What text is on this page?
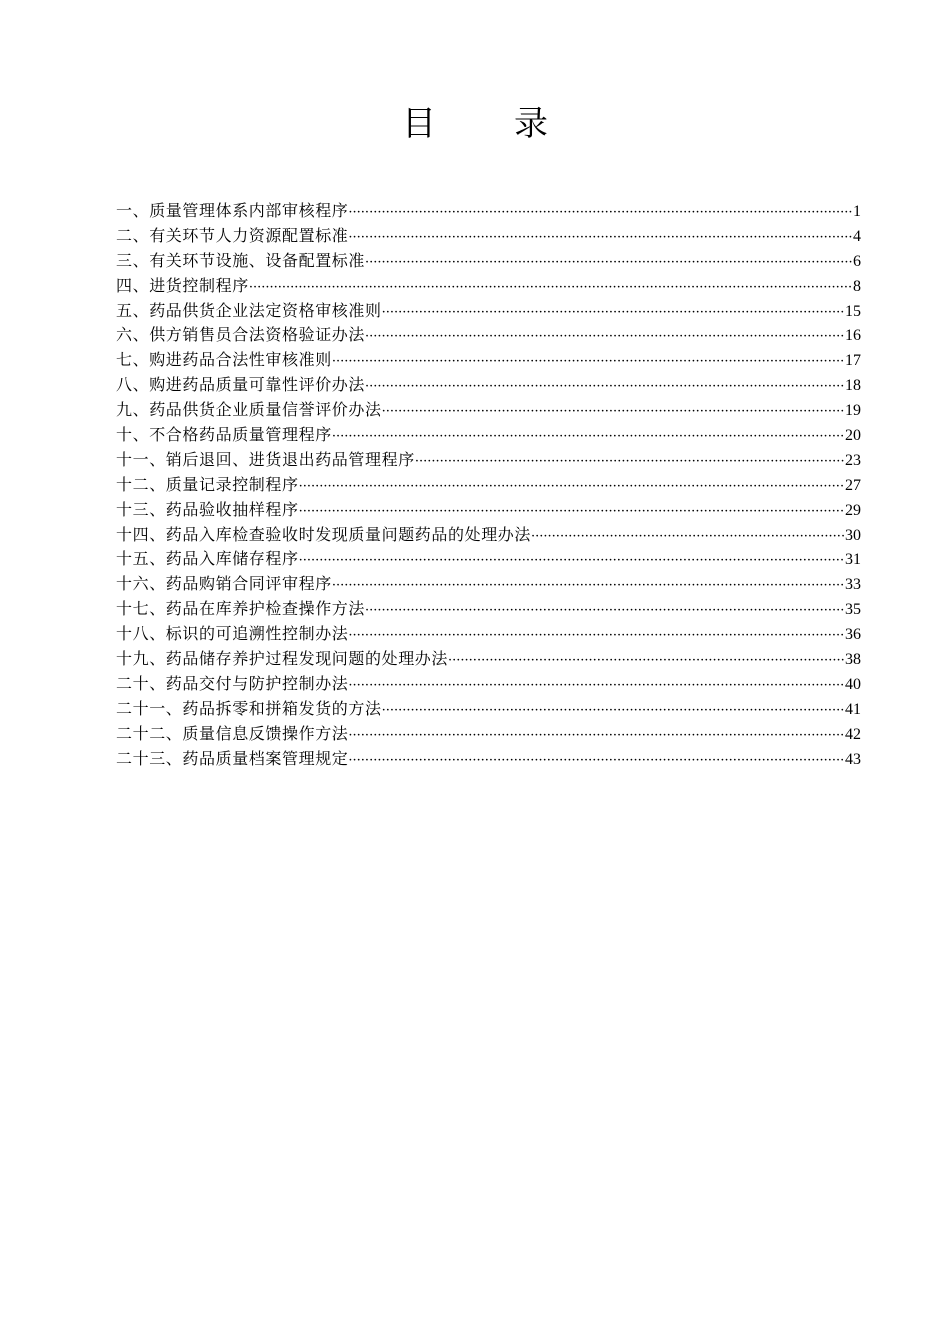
目 录
一、质量管理体系内部审核程序 ·····	1
二、有关环节人力资源配置标准 ·····	4
三、有关环节设施、设备配置标准 ·····	6
四、进货控制程序 ·····	8
五、药品供货企业法定资格审核准则 ·····	15
六、供方销售员合法资格验证办法 ·····	16
七、购进药品合法性审核准则 ·····	17
八、购进药品质量可靠性评价办法 ·····	18
九、药品供货企业质量信誉评价办法 ·····	19
十、不合格药品质量管理程序 ·····	20
十一、销后退回、进货退出药品管理程序 ·····	23
十二、质量记录控制程序 ·····	27
十三、药品验收抽样程序 ·····	29
十四、药品入库检查验收时发现质量问题药品的处理办法 ·····	30
十五、药品入库储存程序 ·····	31
十六、药品购销合同评审程序 ·····	33
十七、药品在库养护检查操作方法 ·····	35
十八、标识的可追溯性控制办法 ·····	36
十九、药品储存养护过程发现问题的处理办法 ·····	38
二十、药品交付与防护控制办法 ·····	40
二十一、药品拆零和拼箱发货的方法 ·····	41
二十二、质量信息反馈操作方法 ·····	42
二十三、药品质量档案管理规定 ·····	43
